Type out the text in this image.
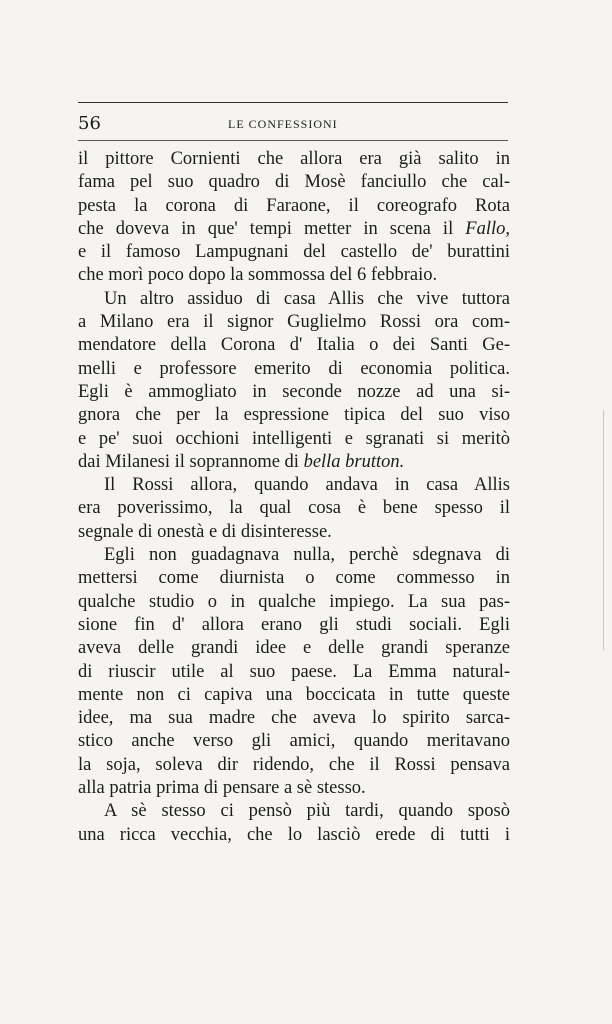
56	LE CONFESSIONI
il pittore Cornienti che allora era già salito in
fama pel suo quadro di Mosè fanciullo che cal-
pesta la corona di Faraone, il coreografo Rota
che doveva in que' tempi metter in scena il Fallo,
e il famoso Lampugnani del castello de' burattini
che morì poco dopo la sommossa del 6 febbraio.
Un altro assiduo di casa Allis che vive tuttora
a Milano era il signor Guglielmo Rossi ora com-
mendatore della Corona d' Italia o dei Santi Ge-
melli e professore emerito di economia politica.
Egli è ammogliato in seconde nozze ad una si-
gnora che per la espressione tipica del suo viso
e pe' suoi occhioni intelligenti e sgranati si meritò
dai Milanesi il soprannome di bella brutton.
Il Rossi allora, quando andava in casa Allis
era poverissimo, la qual cosa è bene spesso il
segnale di onestà e di disinteresse.
Egli non guadagnava nulla, perchè sdegnava di
mettersi come diurnista o come commesso in
qualche studio o in qualche impiego. La sua pas-
sione fin d' allora erano gli studi sociali. Egli
aveva delle grandi idee e delle grandi speranze
di riuscir utile al suo paese. La Emma natural-
mente non ci capiva una boccicata in tutte queste
idee, ma sua madre che aveva lo spirito sarca-
stico anche verso gli amici, quando meritavano
la soja, soleva dir ridendo, che il Rossi pensava
alla patria prima di pensare a sè stesso.
A sè stesso ci pensò più tardi, quando sposò
una ricca vecchia, che lo lasciò erede di tutti i
